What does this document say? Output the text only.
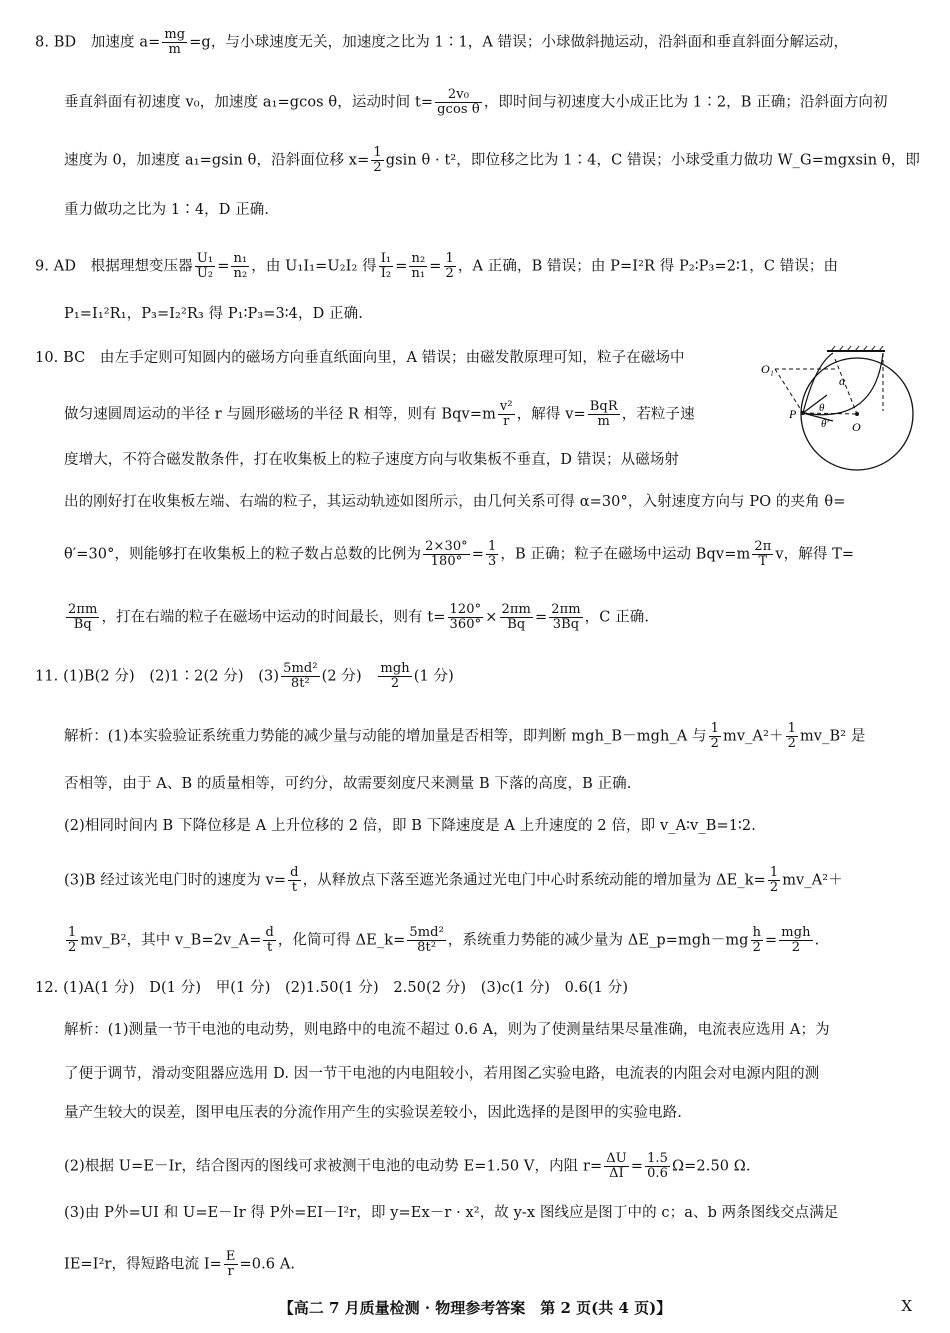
8. BD　加速度 $a= \frac{mg}{m} =g$，与小球速度无关，加速度之比为 1∶1，A 错误；小球做斜抛运动，沿斜面和垂直斜面分解运动，
垂直斜面有初速度 v₀，加速度 a₁=gcos θ，运动时间 $t= \frac{\text{2v₀}}{\text{gcos θ}}$ ，即时间与初速度大小成正比为 1∶2，B 正确；沿斜面方向初
速度为 0，加速度 a₁=gsin θ，沿斜面位移 $x= \frac{1}{2}$ gsin θ · t²，即位移之比为 1∶4，C 错误；小球受重力做功 W_G=mgxsin θ，即
重力做功之比为 1∶4，D 正确.
9. AD　根据理想变压器 $\frac{\text{U₁}}{\text{U₂}} = \frac{\text{n₁}}{\text{n₂}}$ ，由 U₁I₁=U₂I₂ 得 $\frac{\text{I₁}}{\text{I₂}} = \frac{\text{n₂}}{\text{n₁}} = \frac{1}{2}$ ，A 正确，B 错误；由 P=I²R 得 P₂∶P₃=2∶1，C 错误；由
P₁=I₁²R₁，P₃=I₂²R₃ 得 P₁∶P₃=3∶4，D 正确.
10. BC　由左手定则可知圆内的磁场方向垂直纸面向里，A 错误；由磁发散原理可知，粒子在磁场中
做匀速圆周运动的半径 r 与圆形磁场的半径 R 相等，则有 $Bqv=m \frac{\text{v²}}{r}$ ，解得 $v= \frac{\text{BqR}}{m}$ ，若粒子速
度增大，不符合磁发散条件，打在收集板上的粒子速度方向与收集板不垂直，D 错误；从磁场射
出的刚好打在收集板左端、右端的粒子，其运动轨迹如图所示，由几何关系可得 α=30°，入射速度方向与 PO 的夹角 θ=
θ′=30°，则能够打在收集板上的粒子数占总数的比例为 $\frac{2\times 30^\circ}{180^\circ} = \frac{1}{3}$ ，B 正确；粒子在磁场中运动 $Bqv=m \frac{2\pi}{T}$ v，解得 T=
$\frac{2\pi m}{Bq}$ ，打在右端的粒子在磁场中运动的时间最长，则有 $t= \frac{120^\circ}{360^\circ} \times \frac{2\pi m}{Bq} = \frac{2\pi m}{3Bq}$ ，C 正确.
O₁
P
O
α
θ
θ′
11. (1)B(2 分)　(2)1∶2(2 分)　$(3) \frac{\text{5md²}}{\text{8t²}} (2$ 分)　 $\frac{\text{mgh}}{2} (1$ 分)
解析：(1)本实验验证系统重力势能的减少量与动能的增加量是否相等，即判断 mgh_B－mgh_A 与 $\frac{1}{2}$ mv_A²＋ $\frac{1}{2}$ mv_B² 是
否相等，由于 A、B 的质量相等，可约分，故需要刻度尺来测量 B 下落的高度，B 正确.
(2)相同时间内 B 下降位移是 A 上升位移的 2 倍，即 B 下降速度是 A 上升速度的 2 倍，即 v_A∶v_B=1∶2.
(3)B 经过该光电门时的速度为 $v= \frac{d}{t}$ ，从释放点下落至遮光条通过光电门中心时系统动能的增加量为 ΔE_k= $\frac{1}{2}$ mv_A²＋
$\frac{1}{2}$ mv_B²，其中 v_B=2v_A= $\frac{d}{t}$ ，化简可得 ΔE_k= $\frac{\text{5md²}}{\text{8t²}}$ ，系统重力势能的减少量为 ΔE_p=mgh－mg $\frac{h}{2} = \frac{\text{mgh}}{2}$ .
12. (1)A(1 分)　D(1 分)　甲(1 分)　(2)1.50(1 分)　2.50(2 分)　(3)c(1 分)　0.6(1 分)
解析：(1)测量一节干电池的电动势，则电路中的电流不超过 0.6 A，则为了使测量结果尽量准确，电流表应选用 A；为
了便于调节，滑动变阻器应选用 D. 因一节干电池的内电阻较小，若用图乙实验电路，电流表的内阻会对电源内阻的测
量产生较大的误差，图甲电压表的分流作用产生的实验误差较小，因此选择的是图甲的实验电路.
(2)根据 U=E－Ir，结合图丙的图线可求被测干电池的电动势 E=1.50 V，内阻 $r= \frac{\Delta U}{\Delta I} = \frac{1.5}{0.6} \Omega=2.50$ Ω.
(3)由 P外=UI 和 U=E－Ir 得 P外=EI－I²r，即 y=Ex－r · x²，故 y-x 图线应是图丁中的 c；a、b 两条图线交点满足
IE=I²r，得短路电流 $I= \frac{E}{r} =0.6$ A.
【高二 7 月质量检测 · 物理参考答案　第 2 页(共 4 页)】	X
